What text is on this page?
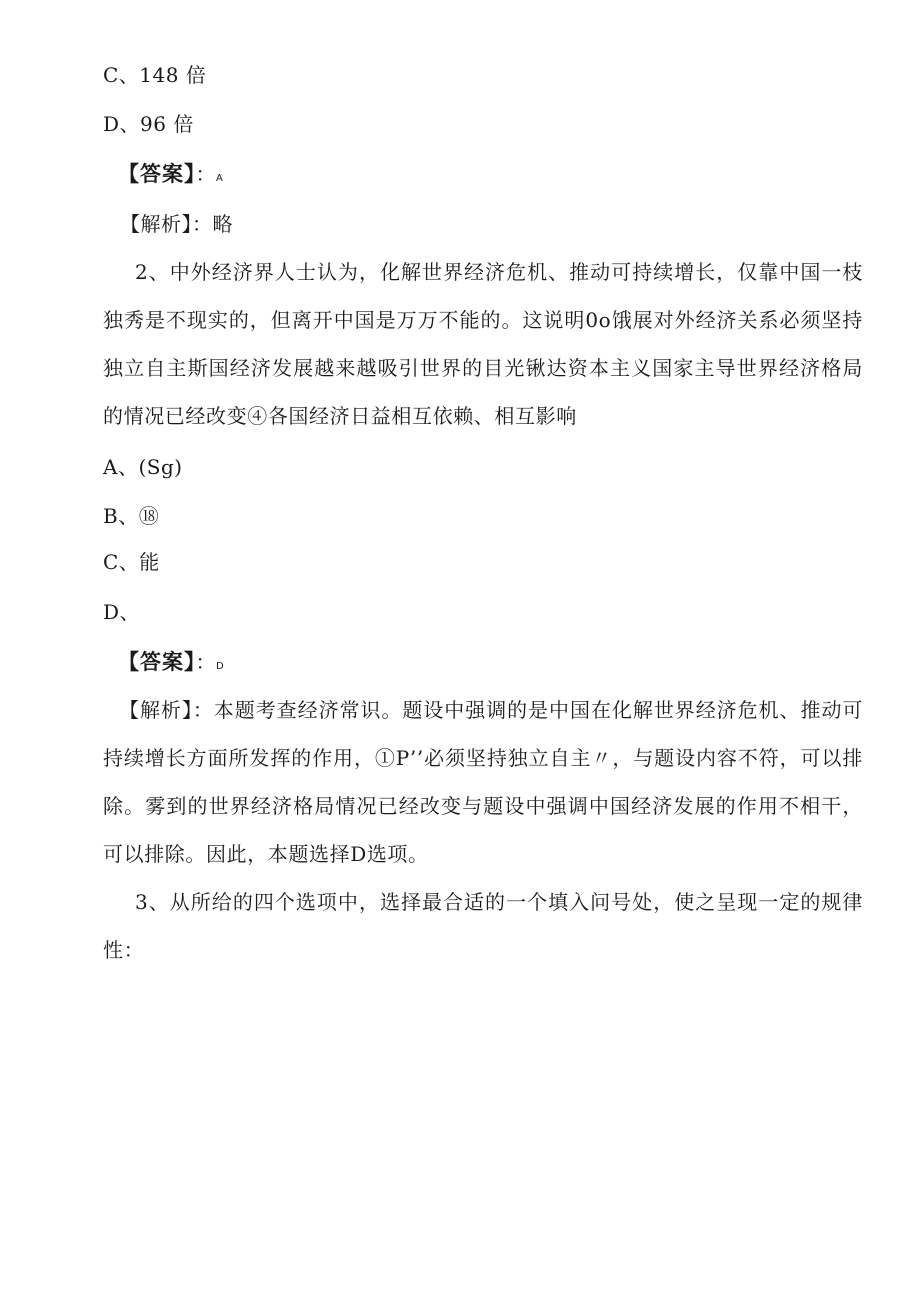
C、148 倍
D、96 倍
【答案】：A
【解析】：略
2、中外经济界人士认为，化解世界经济危机、推动可持续增长，仅靠中国一枝独秀是不现实的，但离开中国是万万不能的。这说明0o饿展对外经济关系必须坚持独立自主斯国经济发展越来越吸引世界的目光锹达资本主义国家主导世界经济格局的情况已经改变④各国经济日益相互依赖、相互影响
A、(Sg)
B、⑱
C、能
D、
【答案】：D
【解析】：本题考查经济常识。题设中强调的是中国在化解世界经济危机、推动可持续增长方面所发挥的作用，①P’’必须坚持独立自主〃，与题设内容不符，可以排除。雾到的世界经济格局情况已经改变与题设中强调中国经济发展的作用不相干，可以排除。因此，本题选择D选项。
3、从所给的四个选项中，选择最合适的一个填入问号处，使之呈现一定的规律性：
